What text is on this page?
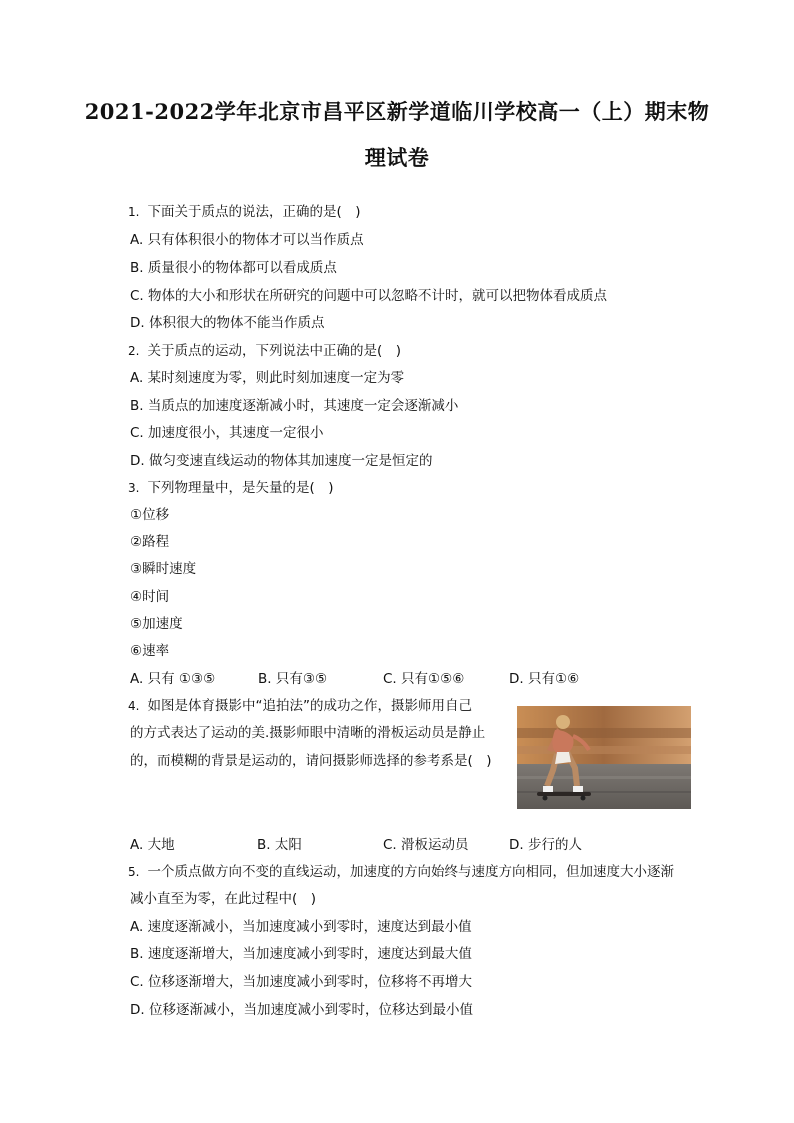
2021-2022学年北京市昌平区新学道临川学校高一（上）期末物
理试卷
1. 下面关于质点的说法，正确的是(　)
A. 只有体积很小的物体才可以当作质点
B. 质量很小的物体都可以看成质点
C. 物体的大小和形状在所研究的问题中可以忽略不计时，就可以把物体看成质点
D. 体积很大的物体不能当作质点
2. 关于质点的运动，下列说法中正确的是(　)
A. 某时刻速度为零，则此时刻加速度一定为零
B. 当质点的加速度逐渐减小时，其速度一定会逐渐减小
C. 加速度很小，其速度一定很小
D. 做匀变速直线运动的物体其加速度一定是恒定的
3. 下列物理量中，是矢量的是(　)
①位移
②路程
③瞬时速度
④时间
⑤加速度
⑥速率
A. 只有 ①③⑤	B. 只有③⑤	C. 只有①⑤⑥	D. 只有①⑥
4. 如图是体育摄影中“追拍法”的成功之作，摄影师用自己
的方式表达了运动的美.摄影师眼中清晰的滑板运动员是静止
的，而模糊的背景是运动的，请问摄影师选择的参考系是(　)
A. 大地	B. 太阳	C. 滑板运动员	D. 步行的人
5. 一个质点做方向不变的直线运动，加速度的方向始终与速度方向相同，但加速度大小逐渐
减小直至为零，在此过程中(　)
A. 速度逐渐减小，当加速度减小到零时，速度达到最小值
B. 速度逐渐增大，当加速度减小到零时，速度达到最大值
C. 位移逐渐增大，当加速度减小到零时，位移将不再增大
D. 位移逐渐减小，当加速度减小到零时，位移达到最小值
